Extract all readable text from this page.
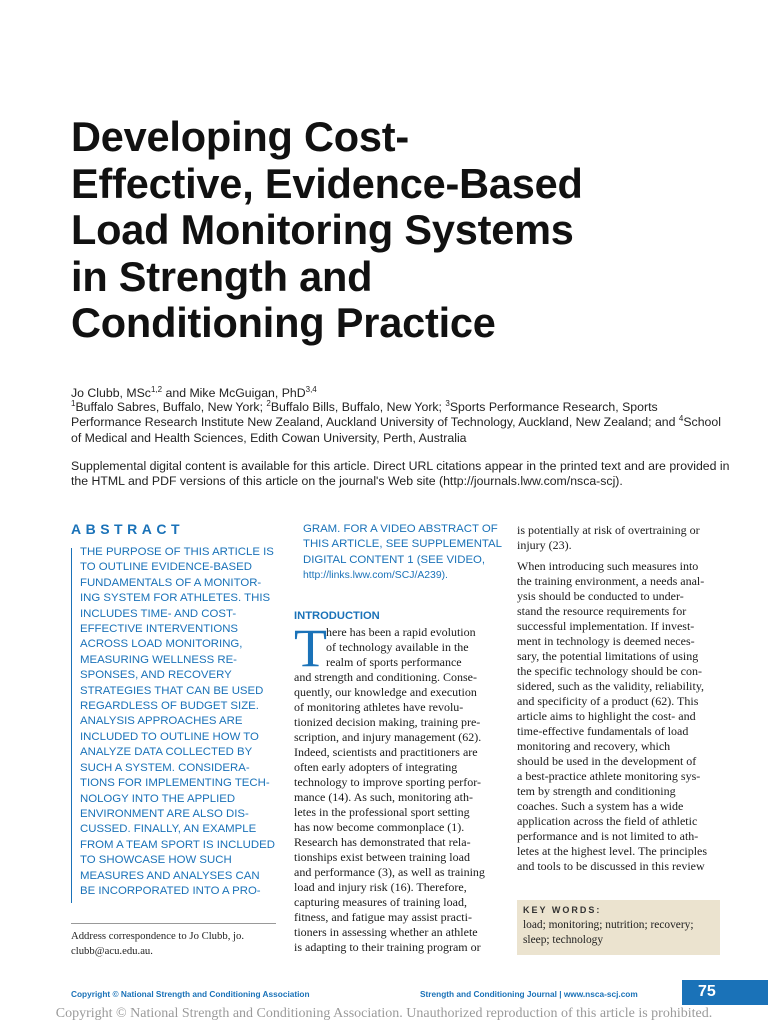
Developing Cost-
Effective, Evidence-Based
Load Monitoring Systems
in Strength and
Conditioning Practice
Jo Clubb, MSc$^{1,2}$ and Mike McGuigan, PhD$^{3,4}$
$^1$Buffalo Sabres, Buffalo, New York; $^2$Buffalo Bills, Buffalo, New York; $^3$Sports Performance Research, Sports Performance Research Institute New Zealand, Auckland University of Technology, Auckland, New Zealand; and $^4$School of Medical and Health Sciences, Edith Cowan University, Perth, Australia
Supplemental digital content is available for this article. Direct URL citations appear in the printed text and are provided in the HTML and PDF versions of this article on the journal's Web site (http://journals.lww.com/nsca-scj).
ABSTRACT
THE PURPOSE OF THIS ARTICLE IS
TO OUTLINE EVIDENCE-BASED
FUNDAMENTALS OF A MONITOR-
ING SYSTEM FOR ATHLETES. THIS
INCLUDES TIME- AND COST-
EFFECTIVE INTERVENTIONS
ACROSS LOAD MONITORING,
MEASURING WELLNESS RE-
SPONSES, AND RECOVERY
STRATEGIES THAT CAN BE USED
REGARDLESS OF BUDGET SIZE.
ANALYSIS APPROACHES ARE
INCLUDED TO OUTLINE HOW TO
ANALYZE DATA COLLECTED BY
SUCH A SYSTEM. CONSIDERA-
TIONS FOR IMPLEMENTING TECH-
NOLOGY INTO THE APPLIED
ENVIRONMENT ARE ALSO DIS-
CUSSED. FINALLY, AN EXAMPLE
FROM A TEAM SPORT IS INCLUDED
TO SHOWCASE HOW SUCH
MEASURES AND ANALYSES CAN
BE INCORPORATED INTO A PRO-
GRAM. FOR A VIDEO ABSTRACT OF
THIS ARTICLE, SEE SUPPLEMENTAL
DIGITAL CONTENT 1 (SEE VIDEO,
http://links.lww.com/SCJ/A239).
Address correspondence to Jo Clubb, jo.
clubb@acu.edu.au.
INTRODUCTION
T here has been a rapid evolution
of technology available in the
realm of sports performance
and strength and conditioning. Conse-
quently, our knowledge and execution
of monitoring athletes have revolu-
tionized decision making, training pre-
scription, and injury management (62).
Indeed, scientists and practitioners are
often early adopters of integrating
technology to improve sporting perfor-
mance (14). As such, monitoring ath-
letes in the professional sport setting
has now become commonplace (1).
Research has demonstrated that rela-
tionships exist between training load
and performance (3), as well as training
load and injury risk (16). Therefore,
capturing measures of training load,
fitness, and fatigue may assist practi-
tioners in assessing whether an athlete
is adapting to their training program or
is potentially at risk of overtraining or
injury (23).
When introducing such measures into
the training environment, a needs anal-
ysis should be conducted to under-
stand the resource requirements for
successful implementation. If invest-
ment in technology is deemed neces-
sary, the potential limitations of using
the specific technology should be con-
sidered, such as the validity, reliability,
and specificity of a product (62). This
article aims to highlight the cost- and
time-effective fundamentals of load
monitoring and recovery, which
should be used in the development of
a best-practice athlete monitoring sys-
tem by strength and conditioning
coaches. Such a system has a wide
application across the field of athletic
performance and is not limited to ath-
letes at the highest level. The principles
and tools to be discussed in this review
KEY WORDS:
load; monitoring; nutrition; recovery; sleep; technology
Copyright © National Strength and Conditioning Association	Strength and Conditioning Journal | www.nsca-scj.com	75
Copyright © National Strength and Conditioning Association. Unauthorized reproduction of this article is prohibited.
